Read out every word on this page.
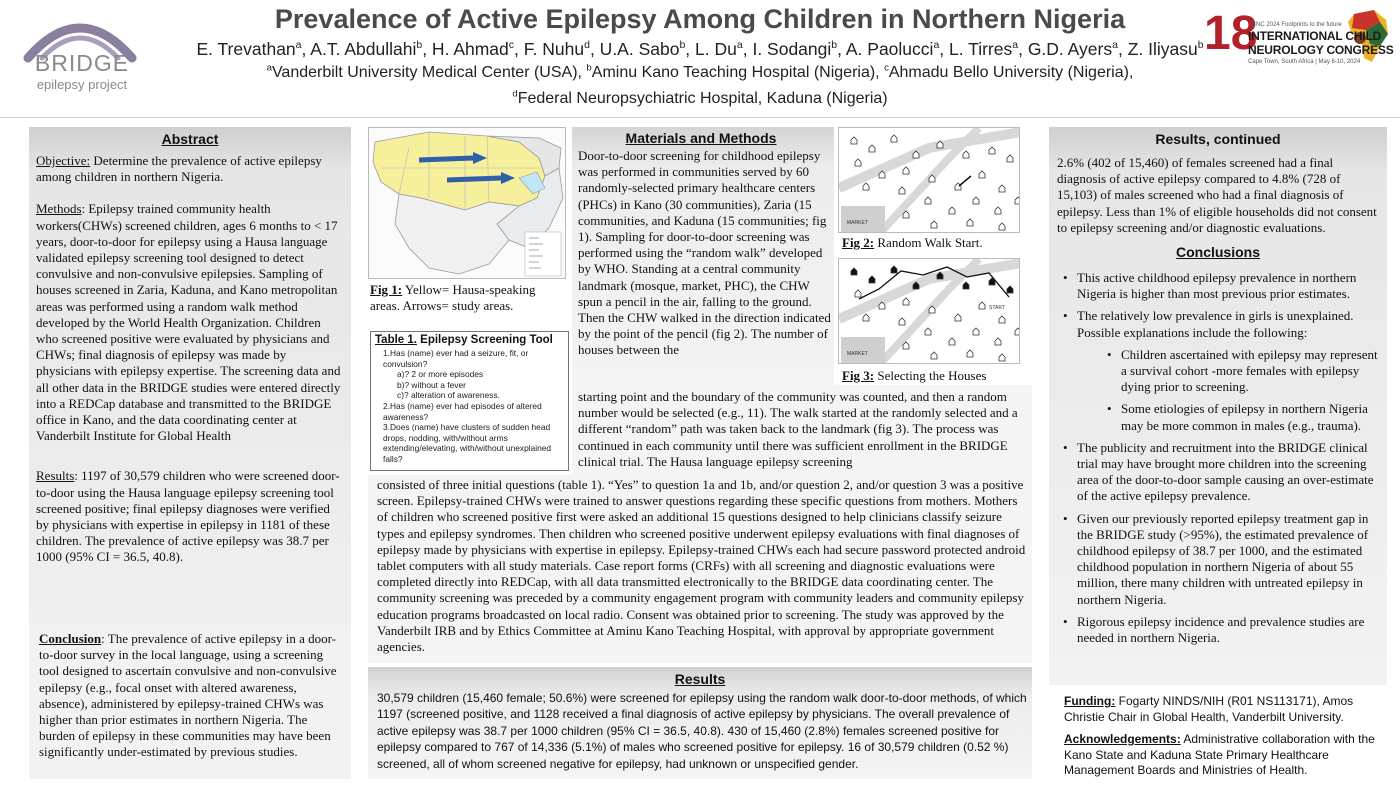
BRIDGE
epilepsy project
Prevalence of Active Epilepsy Among Children in Northern Nigeria
E. Trevathan$^a$, A.T. Abdullahi$^b$, H. Ahmad$^c$, F. Nuhu$^d$, U.A. Sabo$^b$, L. Du$^a$, I. Sodangi$^b$, A. Paolucci$^a$, L. Tirres$^a$, G.D. Ayers$^a$, Z. Iliyasu$^b$
$^a$Vanderbilt University Medical Center (USA), $^b$Aminu Kano Teaching Hospital (Nigeria), $^c$Ahmadu Bello University (Nigeria),
$^d$Federal Neuropsychiatric Hospital, Kaduna (Nigeria)
18
ICNC 2024 Footprints to the future
INTERNATIONAL CHILD
NEUROLOGY CONGRESS
Cape Town, South Africa | May 6-10, 2024
Abstract
Objective: Determine the prevalence of active epilepsy among children in northern Nigeria.
Methods: Epilepsy trained community health workers(CHWs) screened children, ages 6 months to < 17 years, door-to-door for epilepsy using a Hausa language validated epilepsy screening tool designed to detect convulsive and non-convulsive epilepsies. Sampling of houses screened in Zaria, Kaduna, and Kano metropolitan areas was performed using a random walk method developed by the World Health Organization. Children who screened positive were evaluated by physicians and CHWs; final diagnosis of epilepsy was made by physicians with epilepsy expertise. The screening data and all other data in the BRIDGE studies were entered directly into a REDCap database and transmitted to the BRIDGE office in Kano, and the data coordinating center at Vanderbilt Institute for Global Health
Results: 1197 of 30,579 children who were screened door-to-door using the Hausa language epilepsy screening tool screened positive; final epilepsy diagnoses were verified by physicians with expertise in epilepsy in 1181 of these children. The prevalence of active epilepsy was 38.7 per 1000 (95% CI = 36.5, 40.8).
Conclusion: The prevalence of active epilepsy in a door-to-door survey in the local language, using a screening tool designed to ascertain convulsive and non-convulsive epilepsy (e.g., focal onset with altered awareness, absence), administered by epilepsy-trained CHWs was higher than prior estimates in northern Nigeria. The burden of epilepsy in these communities may have been significantly under-estimated by previous studies.
Fig 1: Yellow= Hausa-speaking areas. Arrows= study areas.
Table 1. Epilepsy Screening Tool
1.Has (name) ever had a seizure, fit, or convulsion?
a)? 2 or more episodes
b)? without a fever
c)? alteration of awareness.
2.Has (name) ever had episodes of altered awareness?
3.Does (name) have clusters of sudden head drops, nodding, with/without arms extending/elevating, with/without unexplained falls?
Materials and Methods
Door-to-door screening for childhood epilepsy was performed in communities served by 60 randomly-selected primary healthcare centers (PHCs) in Kano (30 communities), Zaria (15 communities, and Kaduna (15 communities; fig 1). Sampling for door-to-door screening was performed using the “random walk” developed by WHO. Standing at a central community landmark (mosque, market, PHC), the CHW spun a pencil in the air, falling to the ground. Then the CHW walked in the direction indicated by the point of the pencil (fig 2). The number of houses between the
starting point and the boundary of the community was counted, and then a random number would be selected (e.g., 11). The walk started at the randomly selected and a different “random” path was taken back to the landmark (fig 3). The process was continued in each community until there was sufficient enrollment in the BRIDGE clinical trial. The Hausa language epilepsy screening
consisted of three initial questions (table 1). “Yes” to question 1a and 1b, and/or question 2, and/or question 3 was a positive screen. Epilepsy-trained CHWs were trained to answer questions regarding these specific questions from mothers. Mothers of children who screened positive first were asked an additional 15 questions designed to help clinicians classify seizure types and epilepsy syndromes. Then children who screened positive underwent epilepsy evaluations with final diagnoses of epilepsy made by physicians with expertise in epilepsy. Epilepsy-trained CHWs each had secure password protected android tablet computers with all study materials. Case report forms (CRFs) with all screening and diagnostic evaluations were completed directly into REDCap, with all data transmitted electronically to the BRIDGE data coordinating center. The community screening was preceded by a community engagement program with community leaders and community epilepsy education programs broadcasted on local radio. Consent was obtained prior to screening. The study was approved by the Vanderbilt IRB and by Ethics Committee at Aminu Kano Teaching Hospital, with approval by appropriate government agencies.
MARKET
Fig 2: Random Walk Start.
MARKET
START
Fig 3: Selecting the Houses
Results
30,579 children (15,460 female; 50.6%) were screened for epilepsy using the random walk door-to-door methods, of which 1197 (screened positive, and 1128 received a final diagnosis of active epilepsy by physicians. The overall prevalence of active epilepsy was 38.7 per 1000 children (95% CI = 36.5, 40.8). 430 of 15,460 (2.8%) females screened positive for epilepsy compared to 767 of 14,336 (5.1%) of males who screened positive for epilepsy. 16 of 30,579 children (0.52 %) screened, all of whom screened negative for epilepsy, had unknown or unspecified gender.
Results, continued
2.6% (402 of 15,460) of females screened had a final diagnosis of active epilepsy compared to 4.8% (728 of 15,103) of males screened who had a final diagnosis of epilepsy. Less than 1% of eligible households did not consent to epilepsy screening and/or diagnostic evaluations.
Conclusions
• This active childhood epilepsy prevalence in northern Nigeria is higher than most previous prior estimates.
• The relatively low prevalence in girls is unexplained. Possible explanations include the following:
• Children ascertained with epilepsy may represent a survival cohort -more females with epilepsy dying prior to screening.
• Some etiologies of epilepsy in northern Nigeria may be more common in males (e.g., trauma).
• The publicity and recruitment into the BRIDGE clinical trial may have brought more children into the screening area of the door-to-door sample causing an over-estimate of the active epilepsy prevalence.
• Given our previously reported epilepsy treatment gap in the BRIDGE study (>95%), the estimated prevalence of childhood epilepsy of 38.7 per 1000, and the estimated childhood population in northern Nigeria of about 55 million, there many children with untreated epilepsy in northern Nigeria.
• Rigorous epilepsy incidence and prevalence studies are needed in northern Nigeria.
Funding: Fogarty NINDS/NIH (R01 NS113171), Amos Christie Chair in Global Health, Vanderbilt University.
Acknowledgements: Administrative collaboration with the Kano State and Kaduna State Primary Healthcare Management Boards and Ministries of Health.
